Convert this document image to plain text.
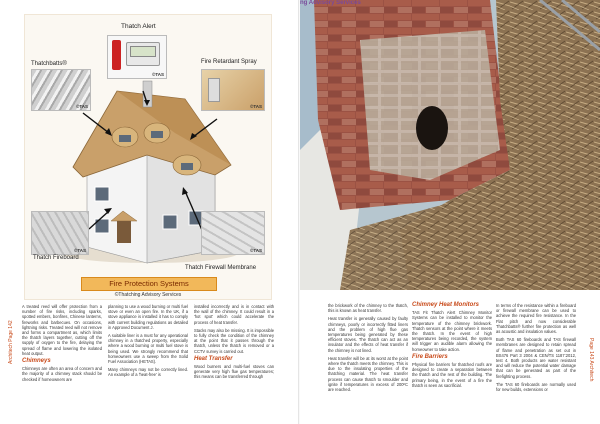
Thatch Alert
©TAS
Thatchbatts®
©TAS
Fire Retardant Spray
©TAS
©TAS
Thatch Fireboard
©TAS
Thatch Firewall Membrane
Fire Protection Systems
©Thatching Advisory Services
Architech Page 142

A treated reed will offer protection from a number of fire risks, including sparks, spotted embers, bonfires, Chinese lanterns, fireworks and barbecues. On occasions, lightning risks. Treated reed will not remove and forms a compartment as, which limits the thatch layers together, cutting off the supply of oxygen to the fire, delaying the spread of flame and lowering the isolated heat output.

Chimneys

Chimneys are often an area of concern and the majority of a chimney stack should be checked if homeowners are

planning to use a wood burning or multi fuel stove or even an open fire. In the UK, if a stove appliance is installed it has to comply with current building regulations as detailed in Approved Document J.

A suitable liner is a must for any operational chimney in a thatched property, especially where a wood burning or multi fuel stove is being used. We strongly recommend that homeowners use a sweep from the Solid Fuel Association (HETAS).

Many chimneys may not be correctly lined. An example of a 'heat-free' is

installed incorrectly and is in contact with the wall of the chimney. It could result in a 'hot spot' which could accelerate the process of heat transfer.

Stacks may also be missing. It is impossible to fully check the condition of the chimney at the point that it passes through the thatch, unless the thatch is removed or a CCTV survey is carried out.

Heat Transfer

Wood burners and multi-fuel stoves can generate very high flue gas temperatures; this means can be transferred through

ng Advisory Services

the brickwork of the chimney to the thatch, this is known as heat transfer.

Heat transfer is generally caused by faulty chimneys, poorly or incorrectly fitted liners and the problem of high flue gas temperatures being generated by these efficient stoves. The thatch can act as an insulator and the effects of heat transfer if the chimney is not lined.

Heat transfer will be at its worst at the point where the thatch meets the chimney. This is due to the insulating properties of the thatching material. The heat transfer process can cause thatch to smoulder and ignite if temperatures in excess of 200ºC are reached.

Chimney Heat Monitors

TAS Fit Thatch Alert Chimney Monitor Systems can be installed to monitor the temperature of the chimney brickwork. Thatch sensors at the point where it meets the thatch. In the event of high temperatures being recorded, the system will trigger an audible alarm allowing the homeowner to take action.

Fire Barriers

Physical fire barriers for thatched roofs are designed to create a separation between the thatch and the rest of the building. The primary being, in the event of a fire the thatch is seen as sacrificial.

In terms of the resistance within a fireboard or firewall membrane can be used to achieve the required fire resistance. In the Flat pitch and now considerable Thatchbatts® further fire protection as well as acoustic and insulation values.

Both TAS 60 fireboards and TAS firewall membranes are designed to retain spread of flame and penetration as set out in BS476 Part 3 2004 & CEN/TS 1187:2012, test 4. Both products are water resistant and will reduce the potential water damage that can be generated as part of the firefighting process.

The TAS 60 fireboards are normally used for new builds, extensions or

Page 143 Architech
